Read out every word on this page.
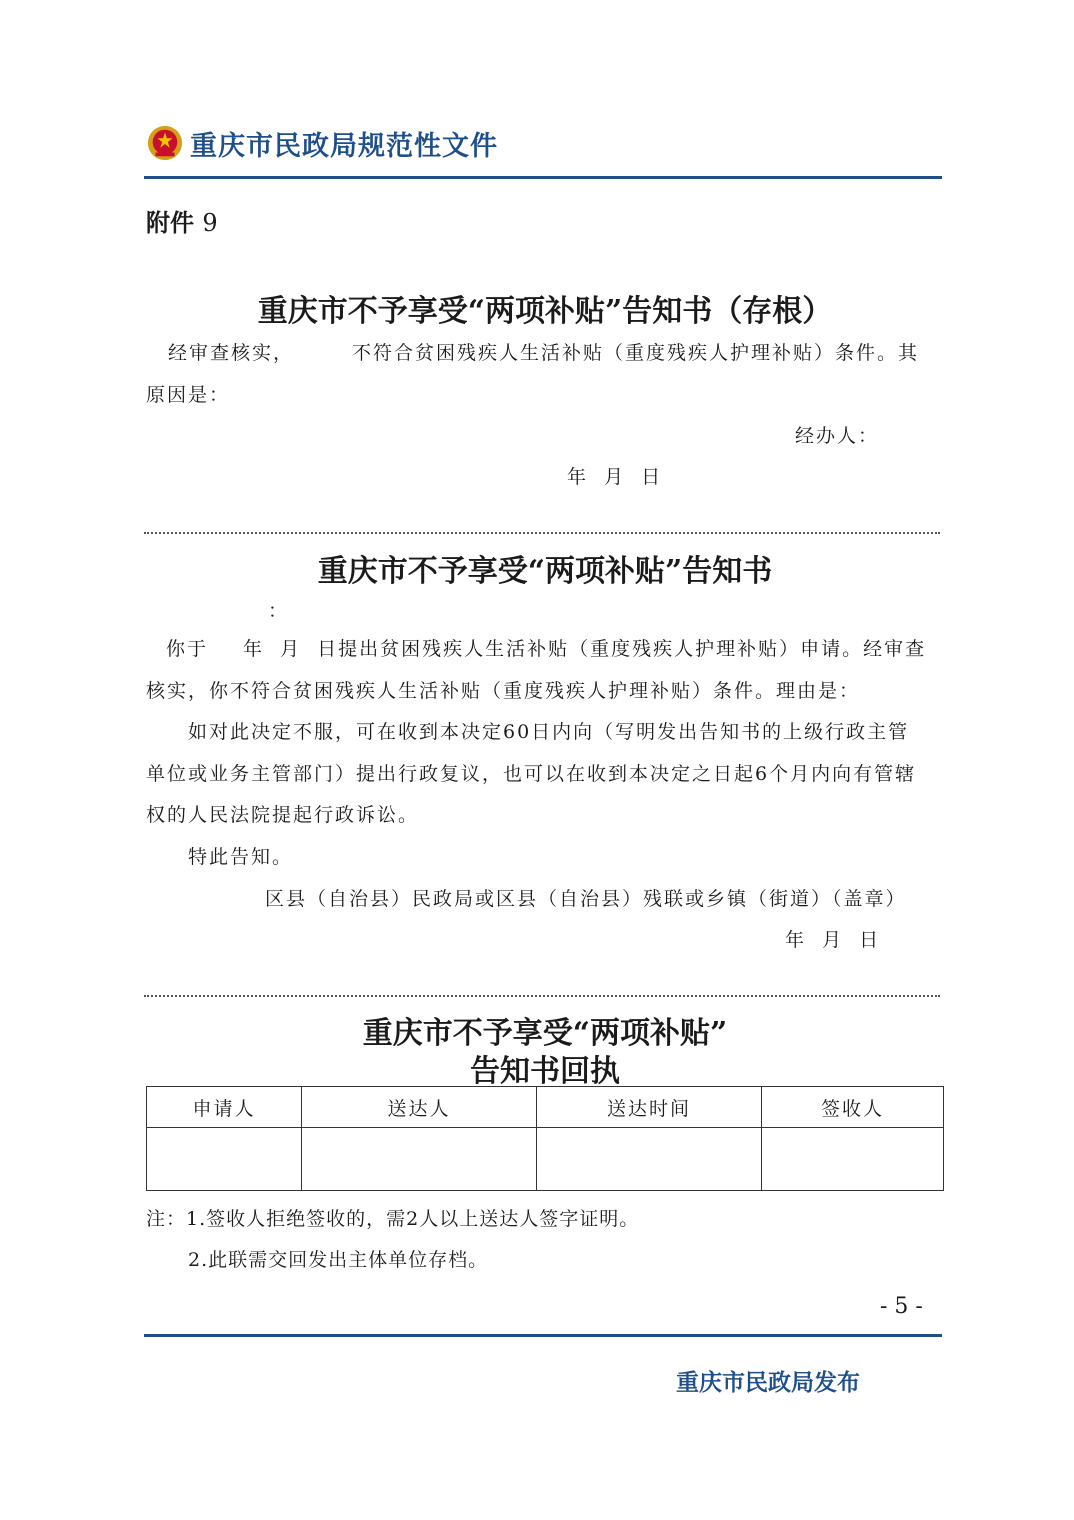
重庆市民政局规范性文件
附件 9
重庆市不予享受“两项补贴”告知书（存根）
经审查核实，	不符合贫困残疾人生活补贴（重度残疾人护理补贴）条件。其
原因是：
经办人：
年  月  日
重庆市不予享受“两项补贴”告知书
：
你于 年  月  日提出贫困残疾人生活补贴（重度残疾人护理补贴）申请。经审查
核实，你不符合贫困残疾人生活补贴（重度残疾人护理补贴）条件。理由是：
如对此决定不服，可在收到本决定60日内向（写明发出告知书的上级行政主管
单位或业务主管部门）提出行政复议，也可以在收到本决定之日起6个月内向有管辖
权的人民法院提起行政诉讼。
特此告知。
区县（自治县）民政局或区县（自治县）残联或乡镇（街道）（盖章）
年  月  日
重庆市不予享受“两项补贴”
告知书回执
申请人	送达人	送达时间	签收人

注：1.签收人拒绝签收的，需2人以上送达人签字证明。
2.此联需交回发出主体单位存档。
- 5 -
重庆市民政局发布
